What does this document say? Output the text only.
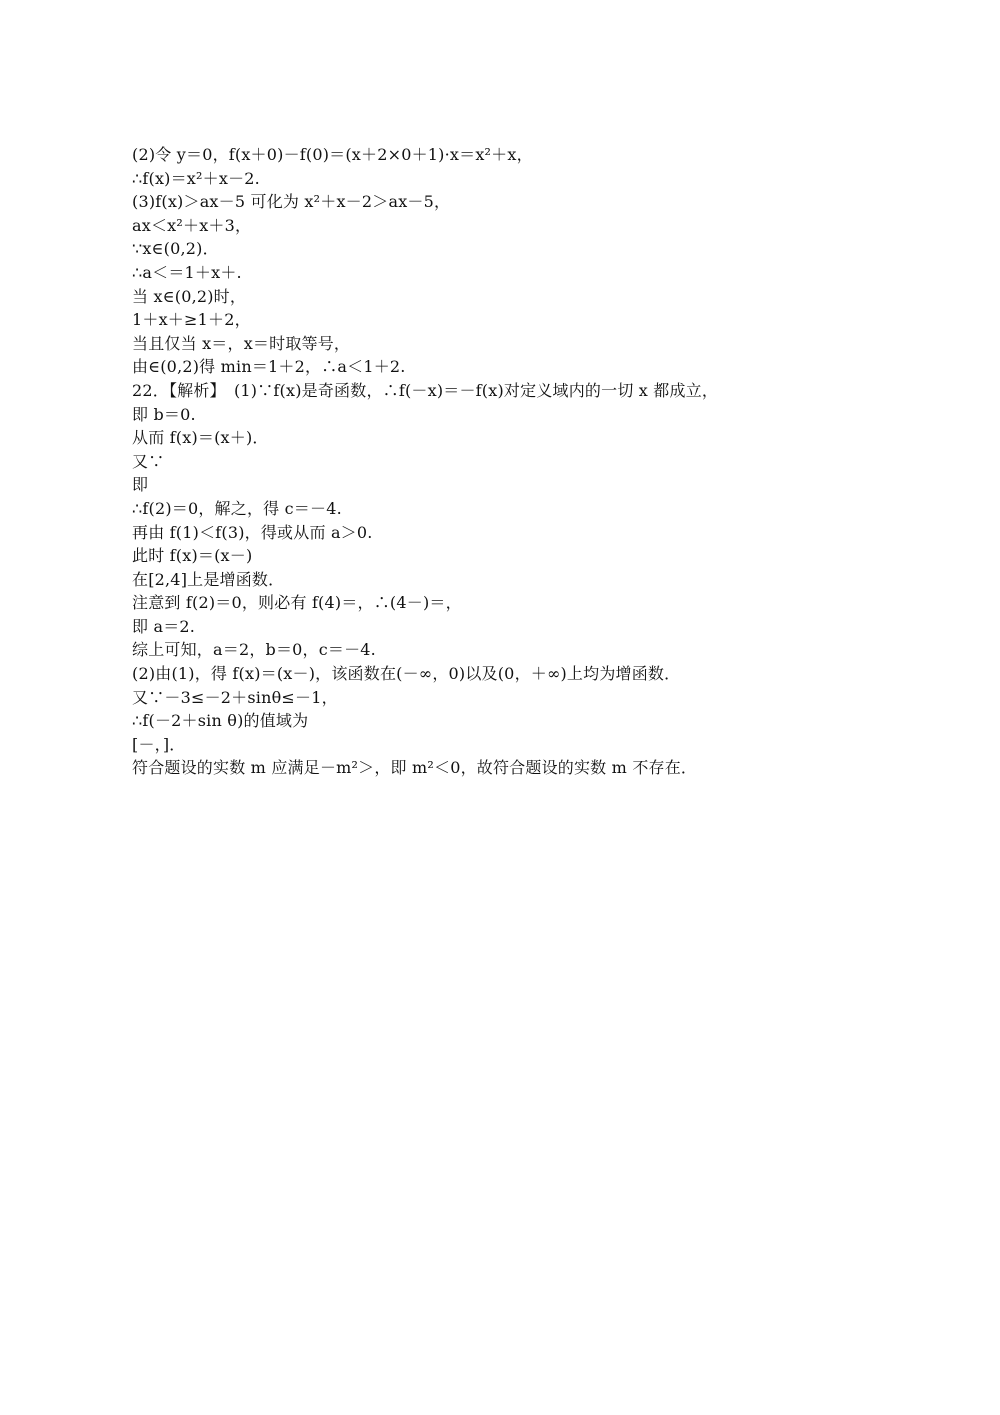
(2)令 y＝0，f(x＋0)－f(0)＝(x＋2×0＋1)·x＝x²＋x，
∴f(x)＝x²＋x－2.
(3)f(x)＞ax－5 可化为 x²＋x－2＞ax－5，
ax＜x²＋x＋3，
∵x∈(0,2)．
∴a＜＝1＋x＋.
当 x∈(0,2)时，
1＋x＋≥1＋2，
当且仅当 x＝，x＝时取等号，
由∈(0,2)得 min＝1＋2，∴a＜1＋2.
22．【解析】　(1)∵f(x)是奇函数，∴f(－x)＝－f(x)对定义域内的一切 x 都成立，
即 b＝0.
从而 f(x)＝(x＋)．
又∵
即
∴f(2)＝0，解之，得 c＝－4.
再由 f(1)＜f(3)，得或从而 a＞0.
此时 f(x)＝(x－)
在[2,4]上是增函数．
注意到 f(2)＝0，则必有 f(4)＝，∴(4－)＝，
即 a＝2.
综上可知，a＝2，b＝0，c＝－4.
(2)由(1)，得 f(x)＝(x－)，该函数在(－∞，0)以及(0，＋∞)上均为增函数．
又∵－3≤－2＋sinθ≤－1，
∴f(－2＋sin θ)的值域为
[－，]．
符合题设的实数 m 应满足－m²＞，即 m²＜0，故符合题设的实数 m 不存在．
